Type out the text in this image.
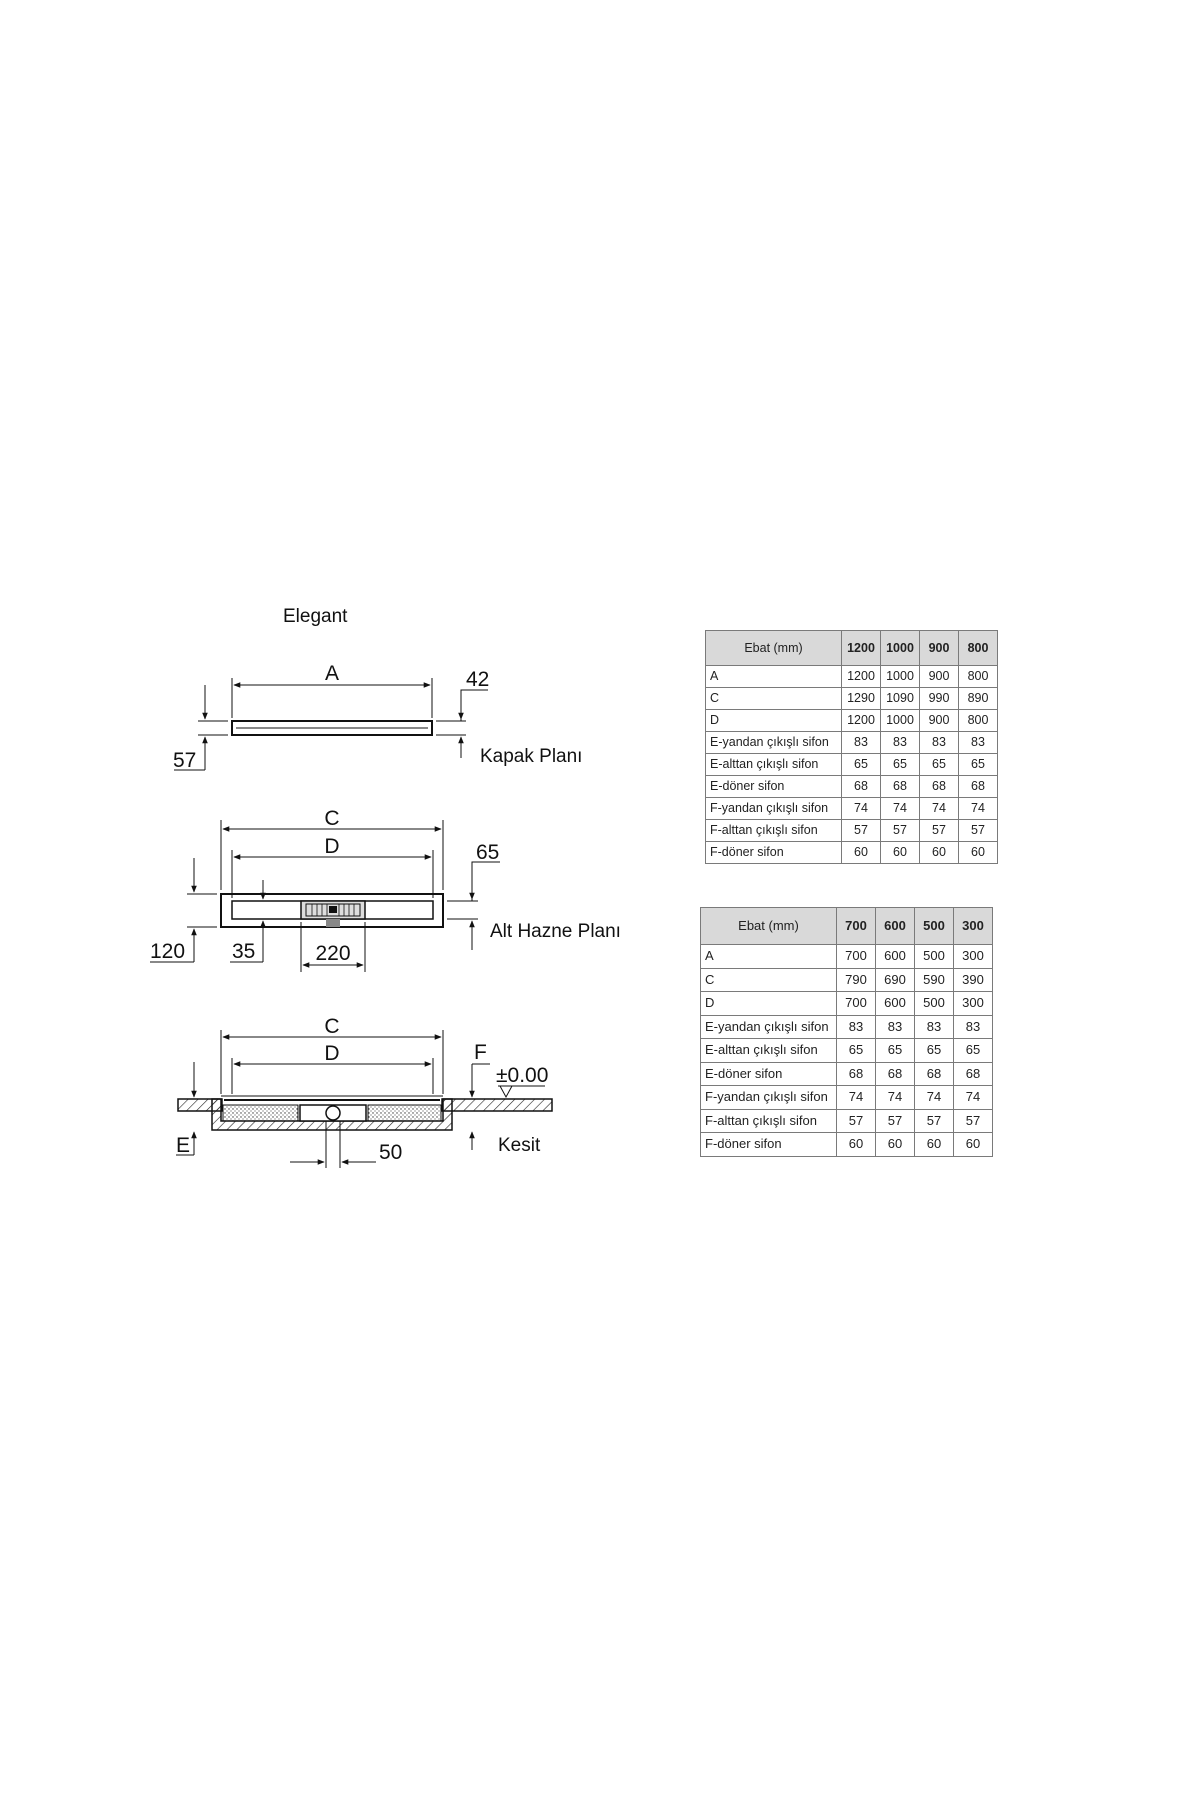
Elegant
A	42
57	Kapak Planı
C
D	65
120 35	220
Alt Hazne Planı
C
D	F
±0.00
E	50	Kesit
Ebat (mm)	1200	1000	900	800
A	1200	1000	900	800
C	1290	1090	990	890
D	1200	1000	900	800
E-yandan çıkışlı sifon	83	83	83	83
E-alttan çıkışlı sifon	65	65	65	65
E-döner sifon	68	68	68	68
F-yandan çıkışlı sifon	74	74	74	74
F-alttan çıkışlı sifon	57	57	57	57
F-döner sifon	60	60	60	60
Ebat (mm)	700	600	500	300
A	700	600	500	300
C	790	690	590	390
D	700	600	500	300
E-yandan çıkışlı sifon	83	83	83	83
E-alttan çıkışlı sifon	65	65	65	65
E-döner sifon	68	68	68	68
F-yandan çıkışlı sifon	74	74	74	74
F-alttan çıkışlı sifon	57	57	57	57
F-döner sifon	60	60	60	60
